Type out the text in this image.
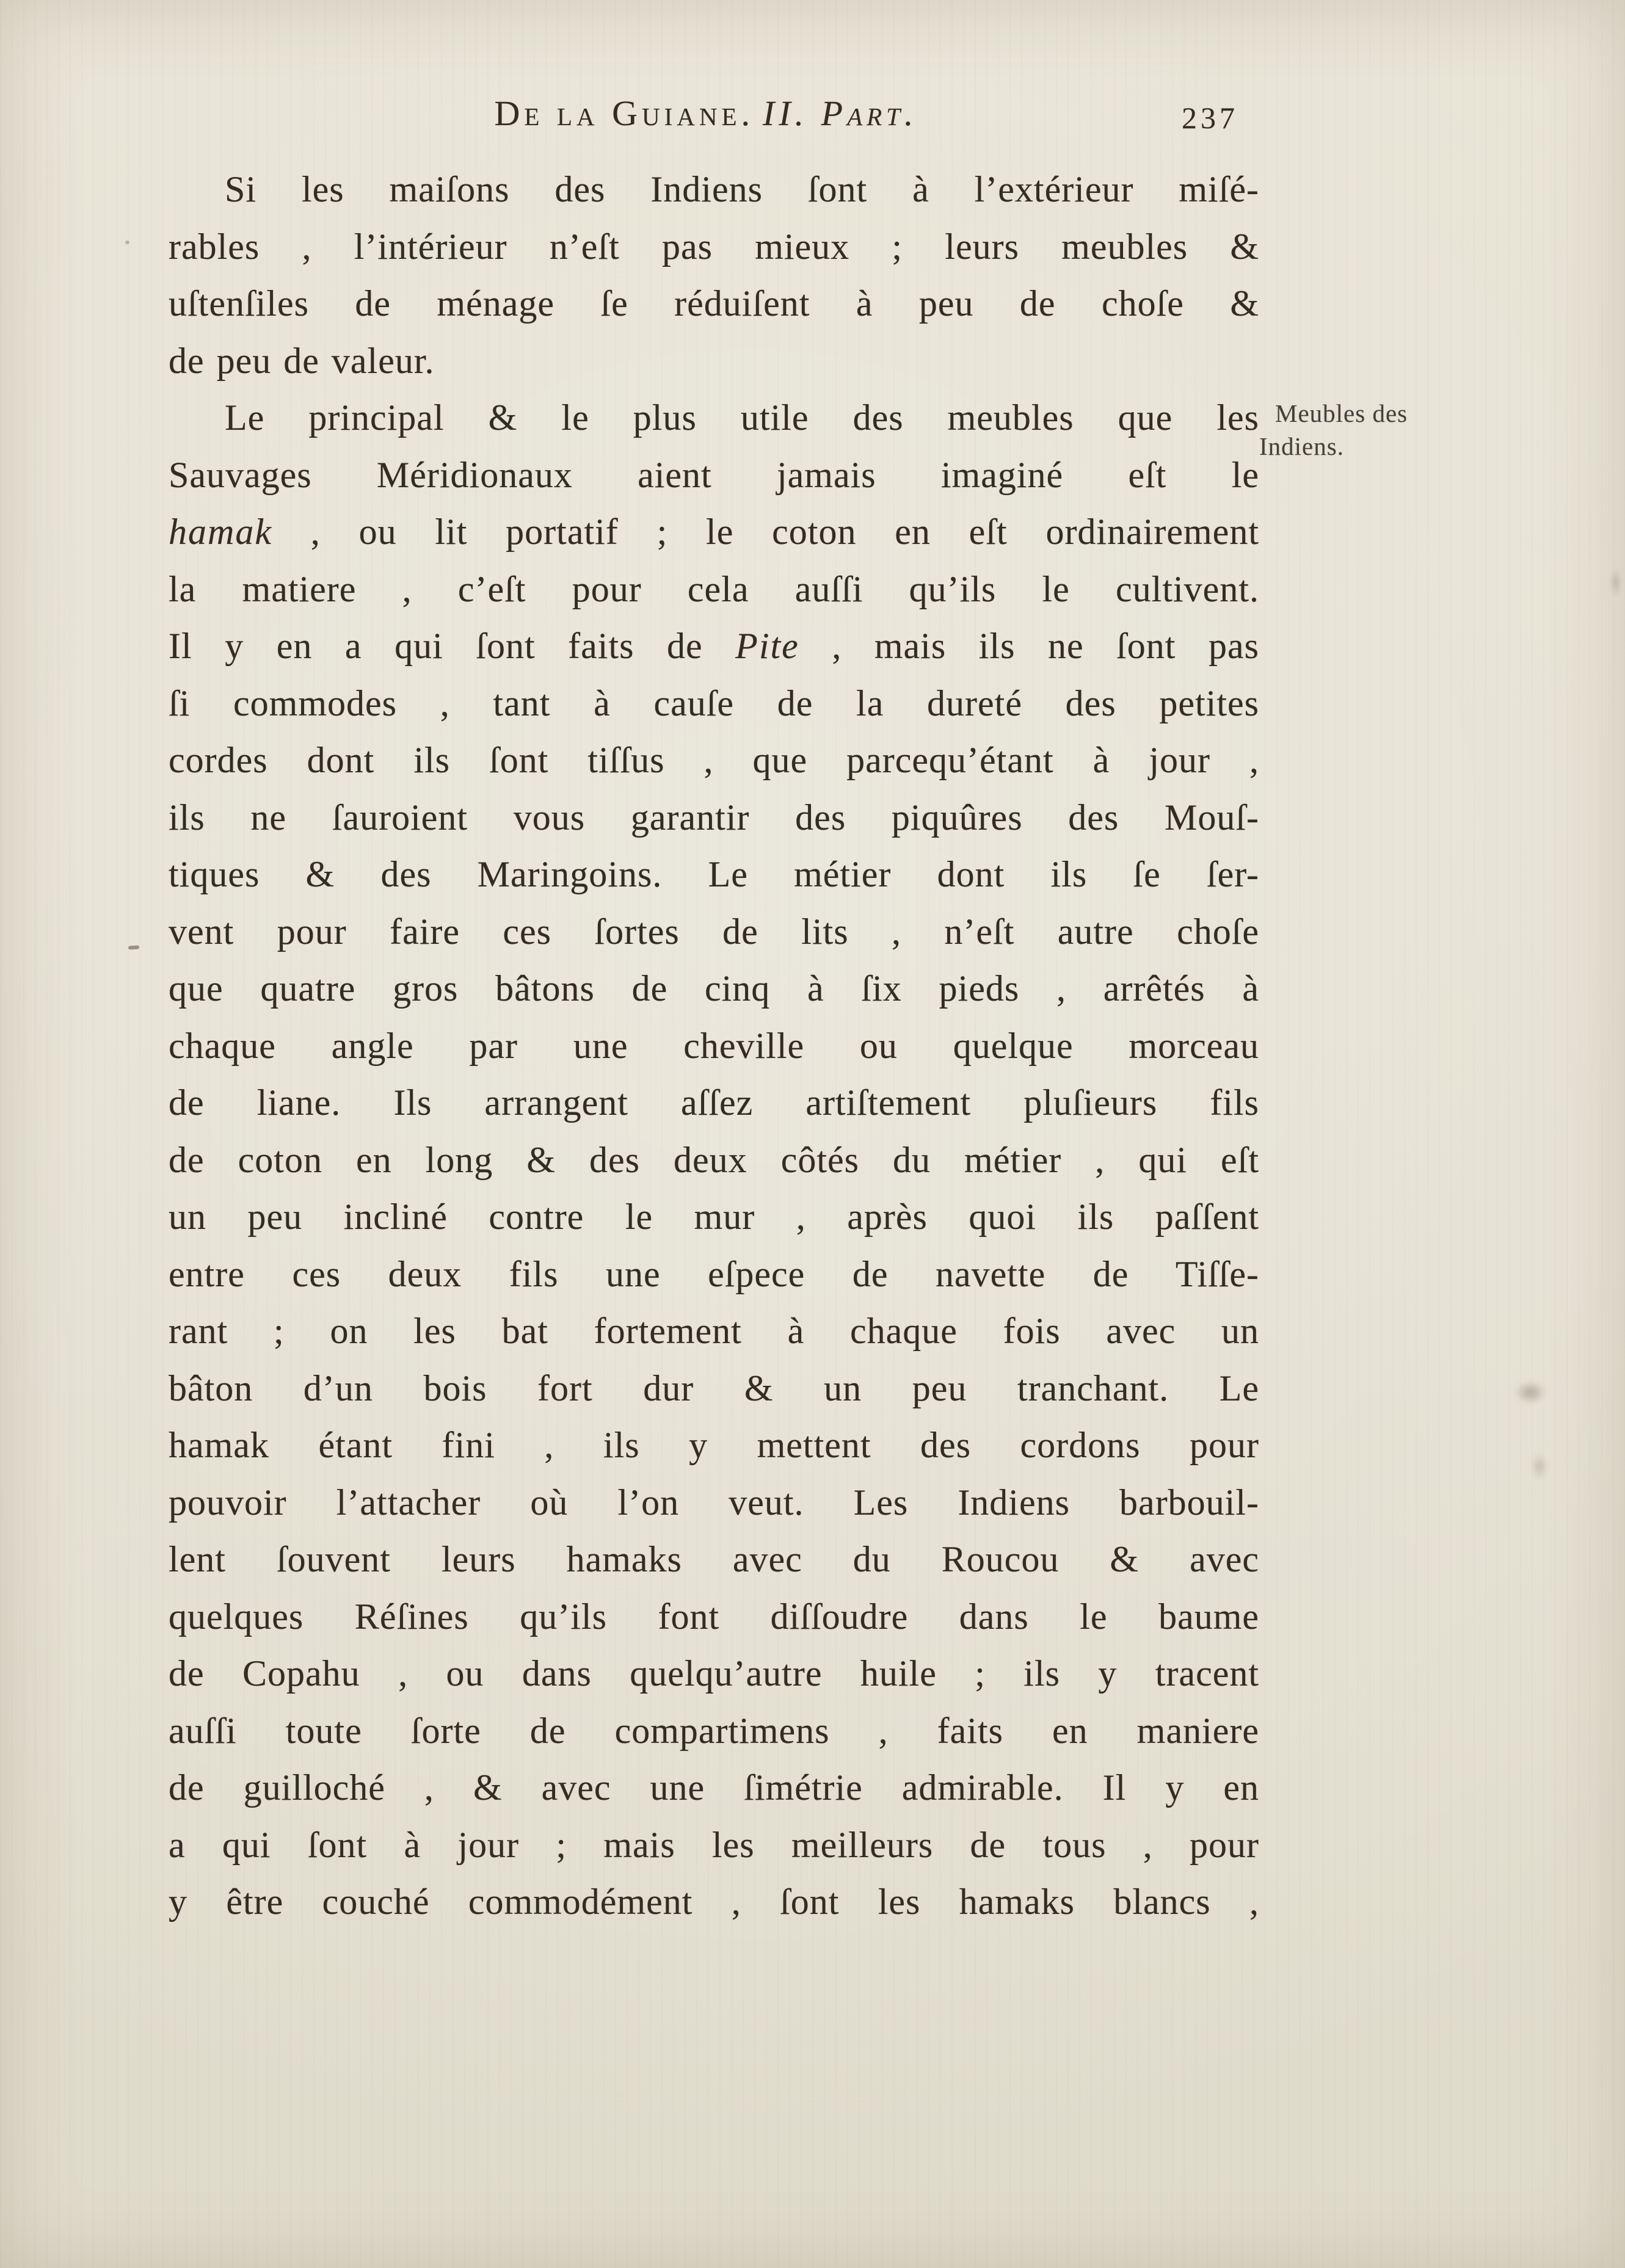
De la Guiane. II. Part.	237
Meubles des
Indiens.
Si les maiſons des Indiens ſont à l’extérieur miſé-
rables , l’intérieur n’eſt pas mieux ; leurs meubles &
uſtenſiles de ménage ſe réduiſent à peu de choſe &
de peu de valeur.
Le principal & le plus utile des meubles que les
Sauvages Méridionaux aient jamais imaginé eſt le
hamak , ou lit portatif ; le coton en eſt ordinairement
la matiere , c’eſt pour cela auſſi qu’ils le cultivent.
Il y en a qui ſont faits de Pite , mais ils ne ſont pas
ſi commodes , tant à cauſe de la dureté des petites
cordes dont ils ſont tiſſus , que parcequ’étant à jour ,
ils ne ſauroient vous garantir des piquûres des Mouſ-
tiques & des Maringoins. Le métier dont ils ſe ſer-
vent pour faire ces ſortes de lits , n’eſt autre choſe
que quatre gros bâtons de cinq à ſix pieds , arrêtés à
chaque angle par une cheville ou quelque morceau
de liane. Ils arrangent aſſez artiſtement pluſieurs fils
de coton en long & des deux côtés du métier , qui eſt
un peu incliné contre le mur , après quoi ils paſſent
entre ces deux fils une eſpece de navette de Tiſſe-
rant ; on les bat fortement à chaque fois avec un
bâton d’un bois fort dur & un peu tranchant. Le
hamak étant fini , ils y mettent des cordons pour
pouvoir l’attacher où l’on veut. Les Indiens barbouil-
lent ſouvent leurs hamaks avec du Roucou & avec
quelques Réſines qu’ils font diſſoudre dans le baume
de Copahu , ou dans quelqu’autre huile ; ils y tracent
auſſi toute ſorte de compartimens , faits en maniere
de guilloché , & avec une ſimétrie admirable. Il y en
a qui ſont à jour ; mais les meilleurs de tous , pour
y être couché commodément , ſont les hamaks blancs ,
